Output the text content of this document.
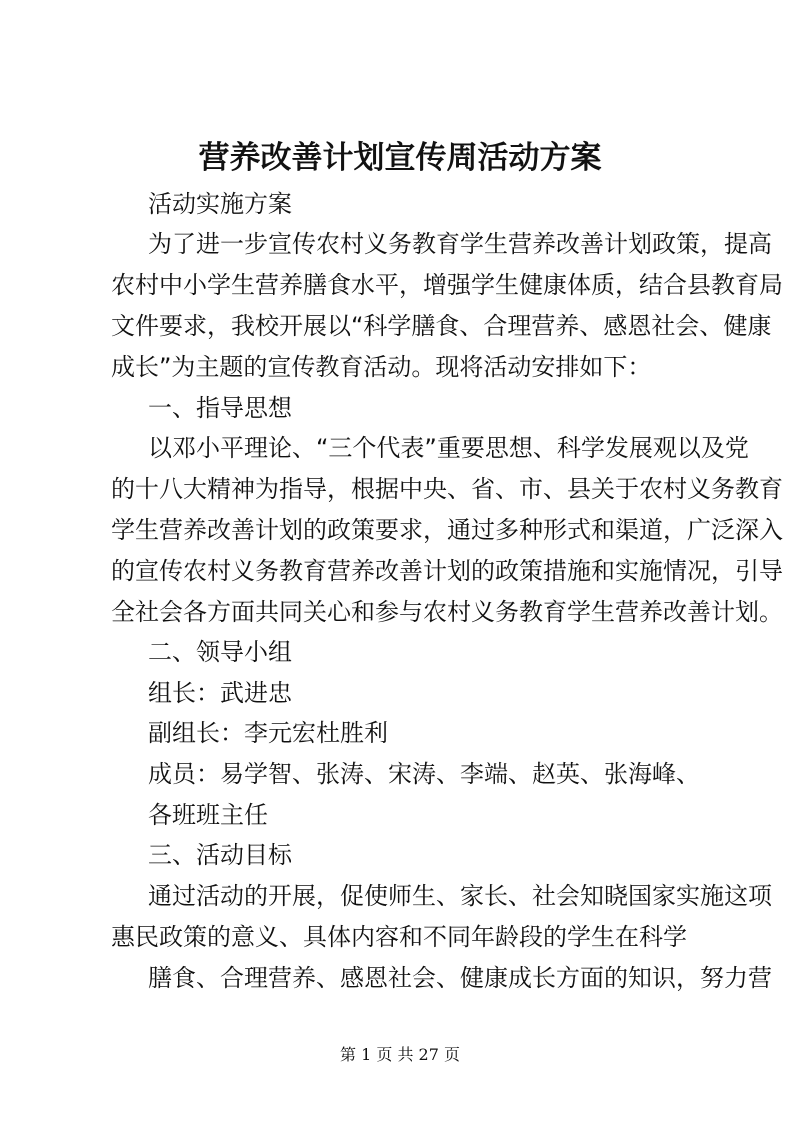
营养改善计划宣传周活动方案

活动实施方案

为了进一步宣传农村义务教育学生营养改善计划政策，提高

农村中小学生营养膳食水平，增强学生健康体质，结合县教育局

文件要求，我校开展以“科学膳食、合理营养、感恩社会、健康

成长”为主题的宣传教育活动。现将活动安排如下：

一、指导思想

以邓小平理论、“三个代表”重要思想、科学发展观以及党

的十八大精神为指导，根据中央、省、市、县关于农村义务教育

学生营养改善计划的政策要求，通过多种形式和渠道，广泛深入

的宣传农村义务教育营养改善计划的政策措施和实施情况，引导

全社会各方面共同关心和参与农村义务教育学生营养改善计划。

二、领导小组

组长：武进忠

副组长：李元宏杜胜利

成员：易学智、张涛、宋涛、李端、赵英、张海峰、

各班班主任

三、活动目标

通过活动的开展，促使师生、家长、社会知晓国家实施这项

惠民政策的意义、具体内容和不同年龄段的学生在科学

膳食、合理营养、感恩社会、健康成长方面的知识，努力营

第 1 页 共 27 页
